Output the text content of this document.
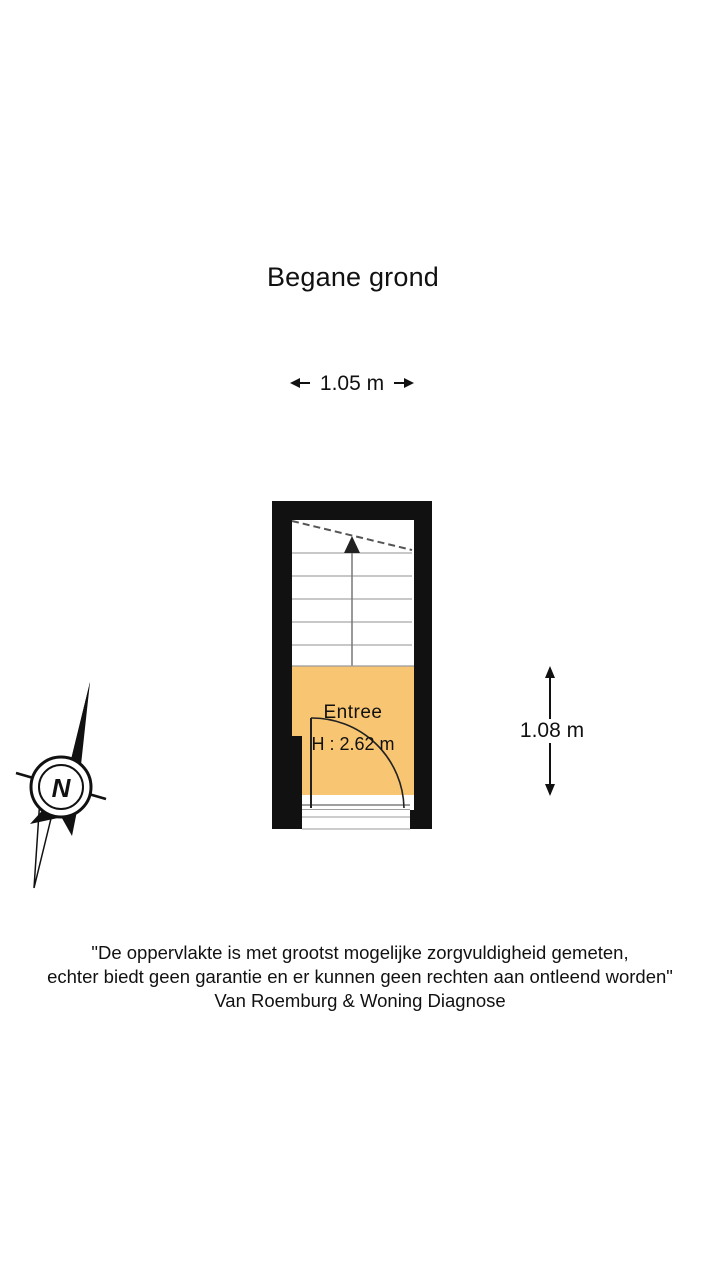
Begane grond
1.05 m
Entree
H : 2.62 m
1.08 m
N
"De oppervlakte is met grootst mogelijke zorgvuldigheid gemeten,
echter biedt geen garantie en er kunnen geen rechten aan ontleend worden"
Van Roemburg & Woning Diagnose
